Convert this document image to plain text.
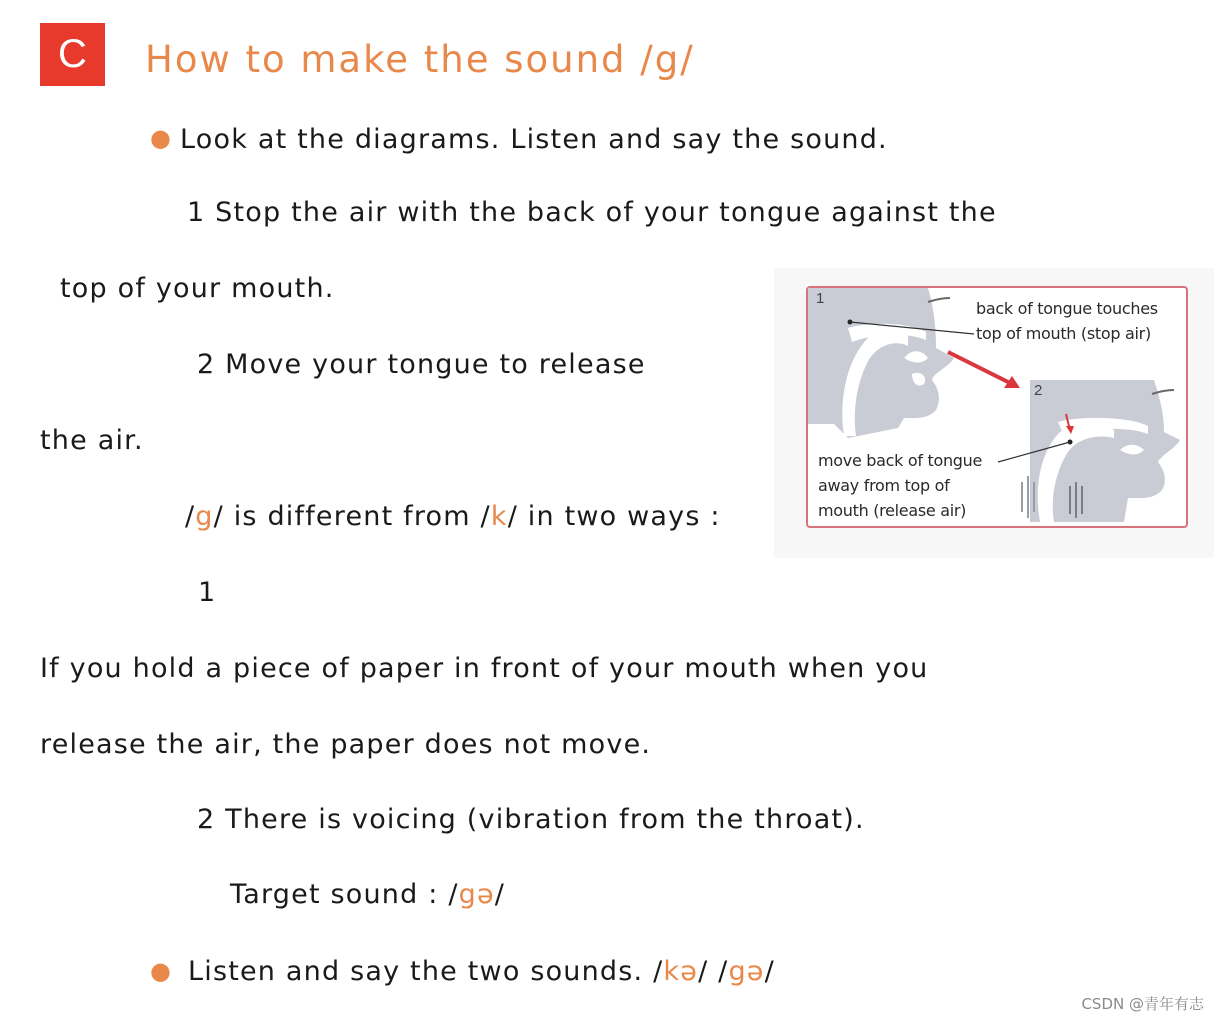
C	How to make the sound /g/
● Look at the diagrams. Listen and say the sound.
1 Stop the air with the back of your tongue against the
top of your mouth.
2 Move your tongue to release
the air.
/g/ is different from /k/ in two ways :
1
If you hold a piece of paper in front of your mouth when you
release the air, the paper does not move.
2 There is voicing (vibration from the throat).
Target sound : /gə/
● Listen and say the two sounds. /kə/ /gə/
1
2
back of tongue touches
top of mouth (stop air)
move back of tongue
away from top of
mouth (release air)
CSDN @青年有志
